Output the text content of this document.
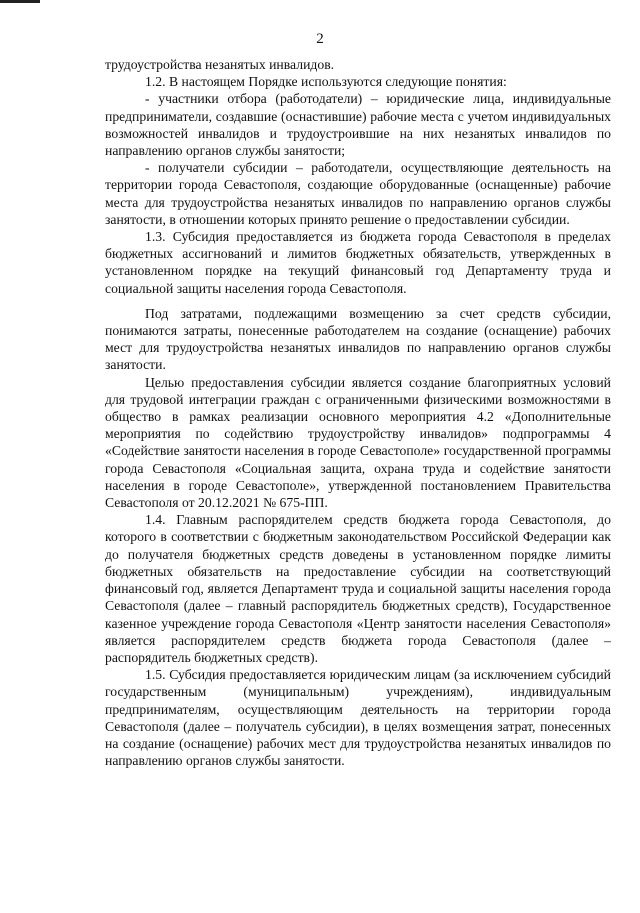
2

трудоустройства незанятых инвалидов.

1.2. В настоящем Порядке используются следующие понятия:

- участники отбора (работодатели) – юридические лица, индивидуальные предприниматели, создавшие (оснастившие) рабочие места с учетом индивидуальных возможностей инвалидов и трудоустроившие на них незанятых инвалидов по направлению органов службы занятости;

- получатели субсидии – работодатели, осуществляющие деятельность на территории города Севастополя, создающие оборудованные (оснащенные) рабочие места для трудоустройства незанятых инвалидов по направлению органов службы занятости, в отношении которых принято решение о предоставлении субсидии.

1.3. Субсидия предоставляется из бюджета города Севастополя в пределах бюджетных ассигнований и лимитов бюджетных обязательств, утвержденных в установленном порядке на текущий финансовый год Департаменту труда и социальной защиты населения города Севастополя.

Под затратами, подлежащими возмещению за счет средств субсидии, понимаются затраты, понесенные работодателем на создание (оснащение) рабочих мест для трудоустройства незанятых инвалидов по направлению органов службы занятости.

Целью предоставления субсидии является создание благоприятных условий для трудовой интеграции граждан с ограниченными физическими возможностями в общество в рамках реализации основного мероприятия 4.2 «Дополнительные мероприятия по содействию трудоустройству инвалидов» подпрограммы 4 «Содействие занятости населения в городе Севастополе» государственной программы города Севастополя «Социальная защита, охрана труда и содействие занятости населения в городе Севастополе», утвержденной постановлением Правительства Севастополя от 20.12.2021 № 675-ПП.

1.4. Главным распорядителем средств бюджета города Севастополя, до которого в соответствии с бюджетным законодательством Российской Федерации как до получателя бюджетных средств доведены в установленном порядке лимиты бюджетных обязательств на предоставление субсидии на соответствующий финансовый год, является Департамент труда и социальной защиты населения города Севастополя (далее – главный распорядитель бюджетных средств), Государственное казенное учреждение города Севастополя «Центр занятости населения Севастополя» является распорядителем средств бюджета города Севастополя (далее – распорядитель бюджетных средств).

1.5. Субсидия предоставляется юридическим лицам (за исключением субсидий государственным (муниципальным) учреждениям), индивидуальным предпринимателям, осуществляющим деятельность на территории города Севастополя (далее – получатель субсидии), в целях возмещения затрат, понесенных на создание (оснащение) рабочих мест для трудоустройства незанятых инвалидов по направлению органов службы занятости.
